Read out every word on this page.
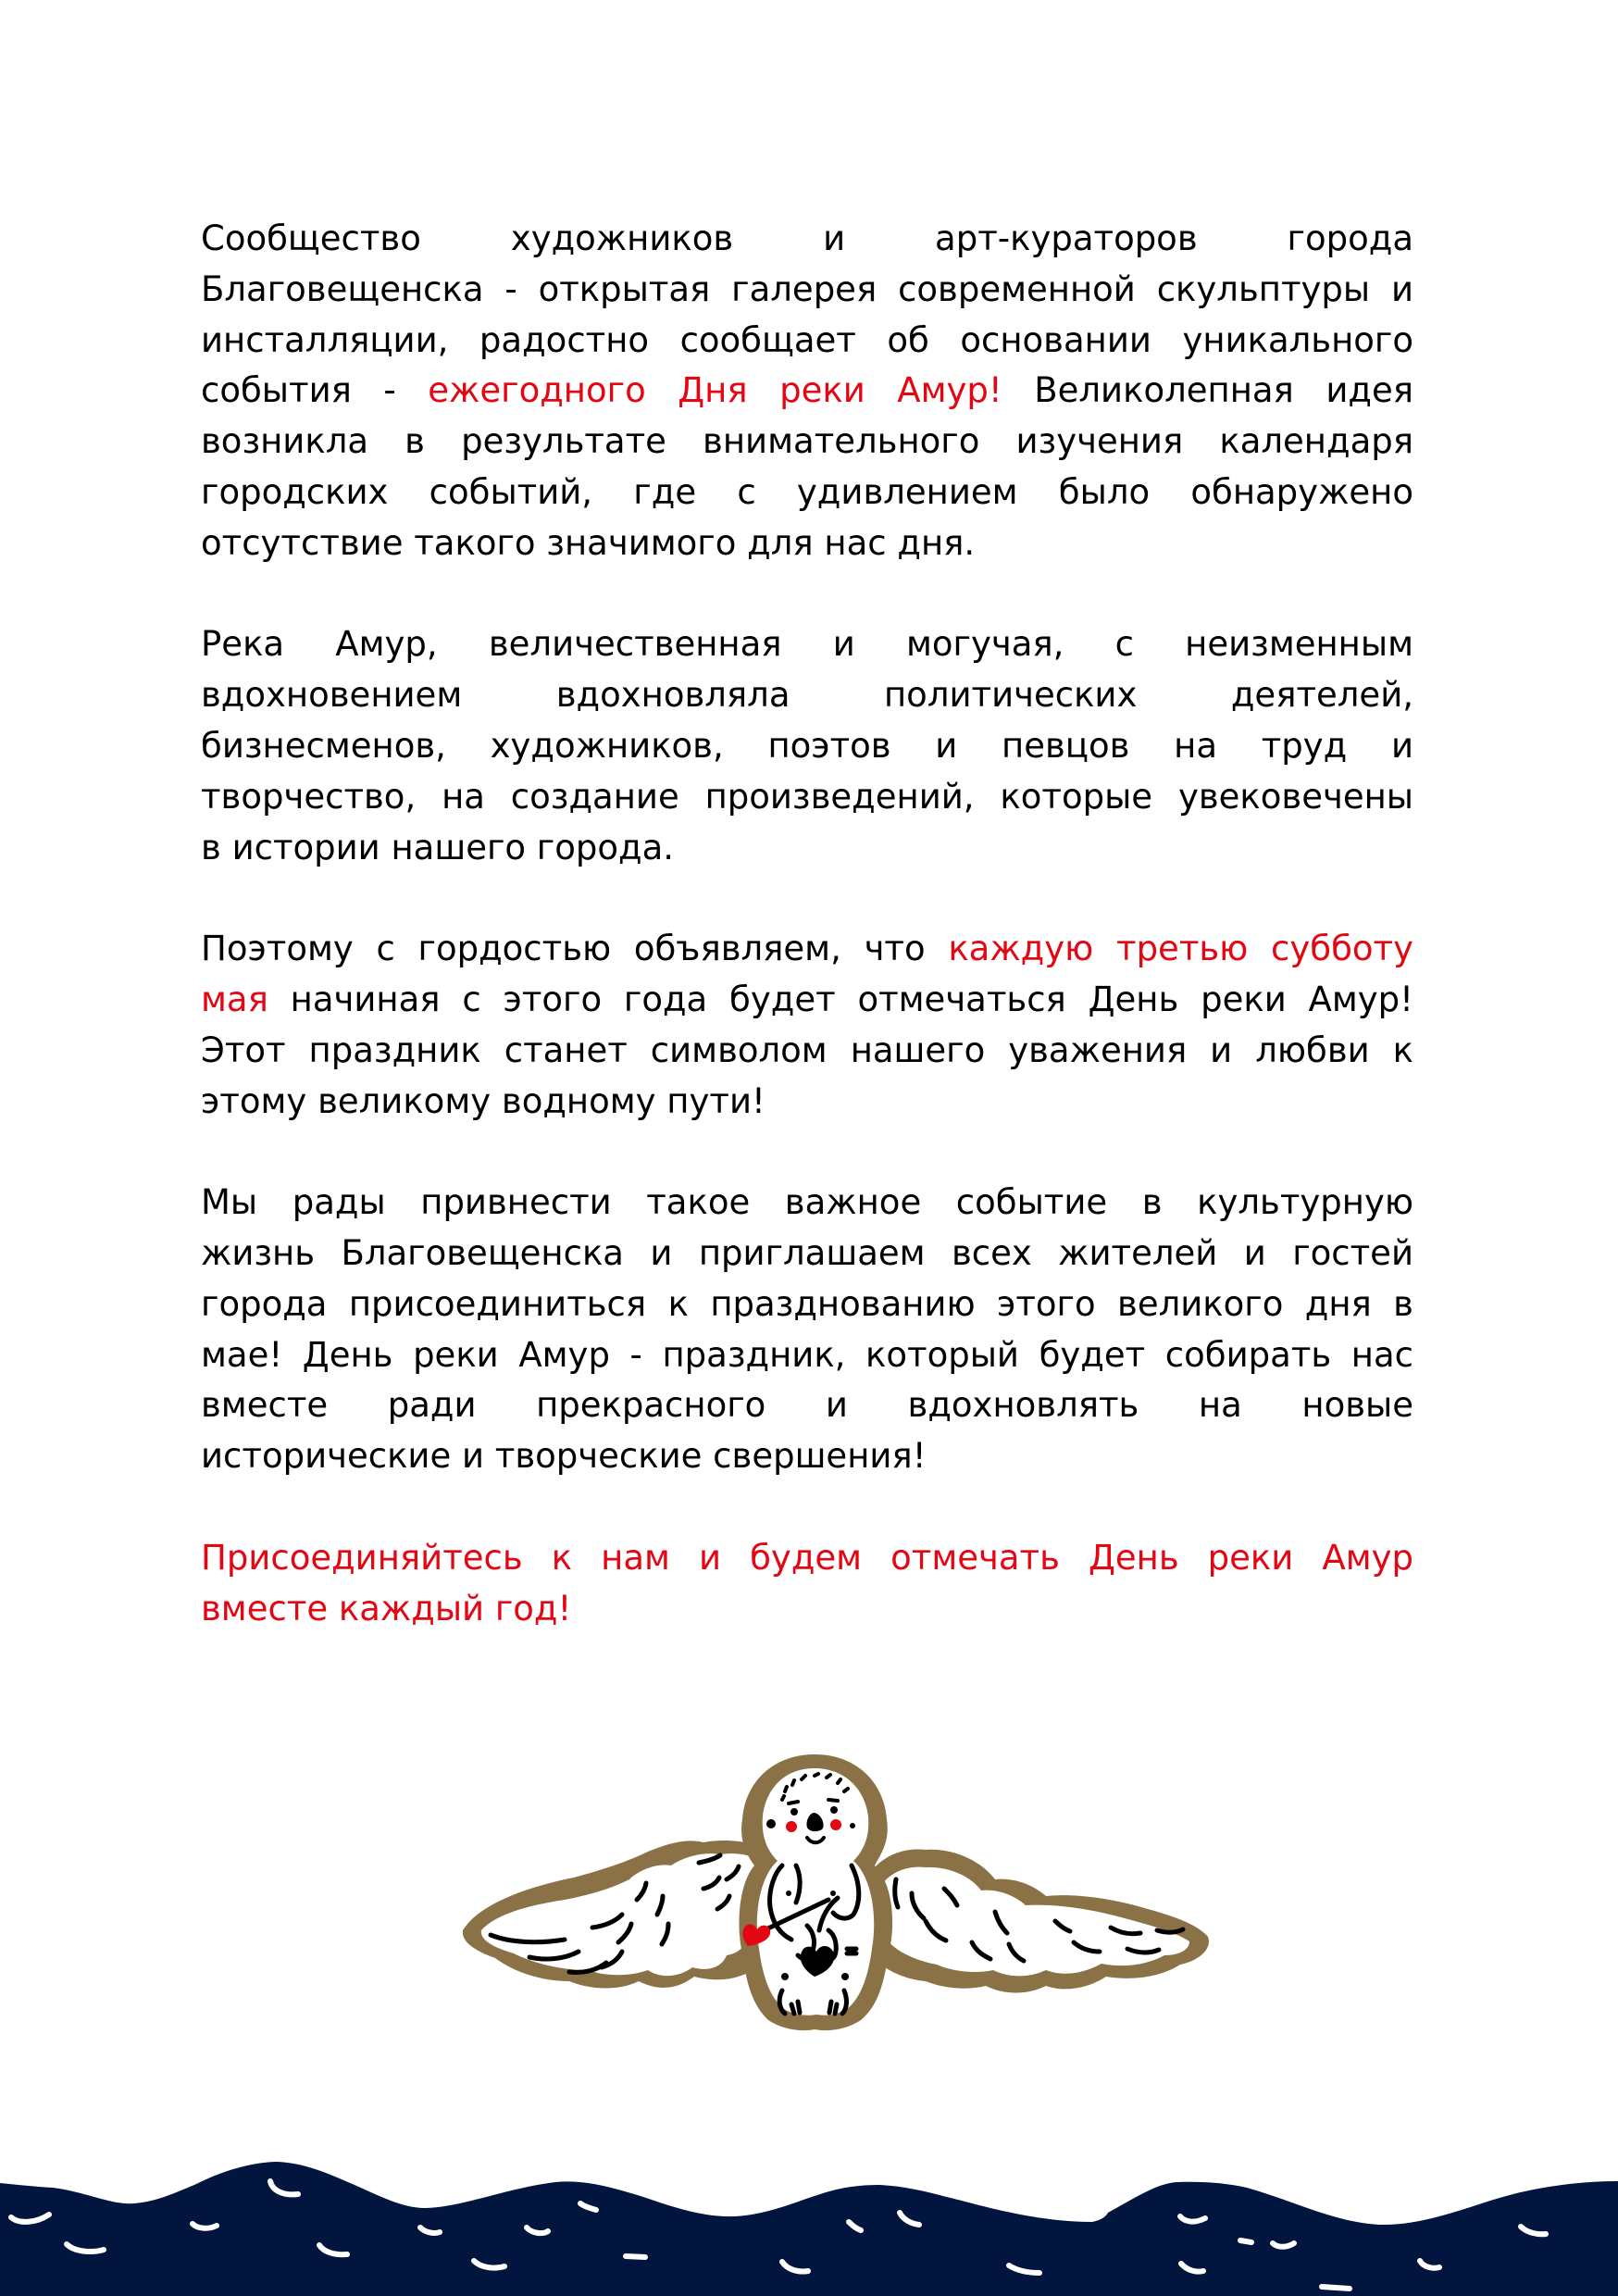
Сообщество художников и арт-кураторов города
Благовещенска - открытая галерея современной скульптуры и
инсталляции, радостно сообщает об основании уникального
события - ежегодного Дня реки Амур! Великолепная идея
возникла в результате внимательного изучения календаря
городских событий, где с удивлением было обнаружено
отсутствие такого значимого для нас дня.
Река Амур, величественная и могучая, с неизменным
вдохновением вдохновляла политических деятелей,
бизнесменов, художников, поэтов и певцов на труд и
творчество, на создание произведений, которые увековечены
в истории нашего города.
Поэтому с гордостью объявляем, что каждую третью субботу
мая начиная с этого года будет отмечаться День реки Амур!
Этот праздник станет символом нашего уважения и любви к
этому великому водному пути!
Мы рады привнести такое важное событие в культурную
жизнь Благовещенска и приглашаем всех жителей и гостей
города присоединиться к празднованию этого великого дня в
мае! День реки Амур - праздник, который будет собирать нас
вместе ради прекрасного и вдохновлять на новые
исторические и творческие свершения!
Присоединяйтесь к нам и будем отмечать День реки Амур
вместе каждый год!
